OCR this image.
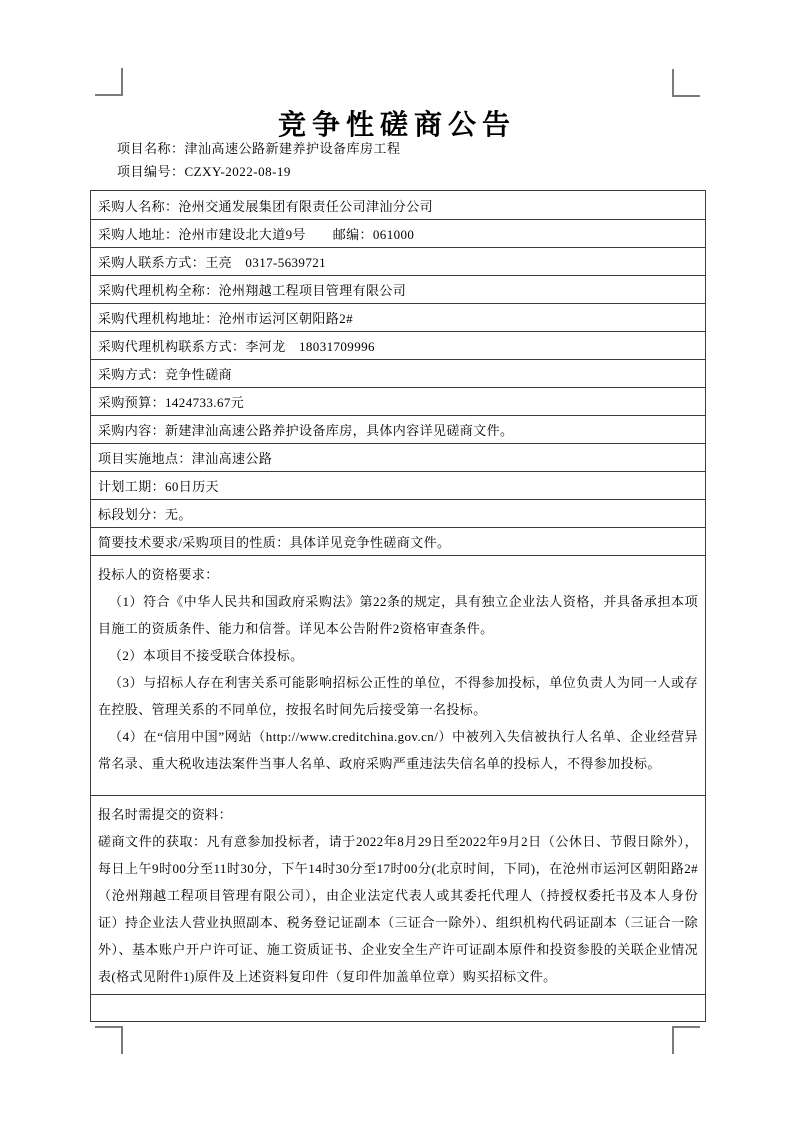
竞争性磋商公告
项目名称：津汕高速公路新建养护设备库房工程
项目编号：CZXY-2022-08-19
采购人名称：沧州交通发展集团有限责任公司津汕分公司
采购人地址：沧州市建设北大道9号　　邮编：061000
采购人联系方式：王亮　0317-5639721
采购代理机构全称：沧州翔越工程项目管理有限公司
采购代理机构地址：沧州市运河区朝阳路2#
采购代理机构联系方式：李河龙　18031709996
采购方式：竞争性磋商
采购预算：1424733.67元
采购内容：新建津汕高速公路养护设备库房，具体内容详见磋商文件。
项目实施地点：津汕高速公路
计划工期：60日历天
标段划分：无。
简要技术要求/采购项目的性质：具体详见竞争性磋商文件。
投标人的资格要求：
（1）符合《中华人民共和国政府采购法》第22条的规定，具有独立企业法人资格，并具备承担本项目施工的资质条件、能力和信誉。详见本公告附件2资格审查条件。
（2）本项目不接受联合体投标。
（3）与招标人存在利害关系可能影响招标公正性的单位，不得参加投标，单位负责人为同一人或存在控股、管理关系的不同单位，按报名时间先后接受第一名投标。
（4）在“信用中国”网站（http://www.creditchina.gov.cn/）中被列入失信被执行人名单、企业经营异常名录、重大税收违法案件当事人名单、政府采购严重违法失信名单的投标人，不得参加投标。
报名时需提交的资料：
磋商文件的获取：凡有意参加投标者，请于2022年8月29日至2022年9月2日（公休日、节假日除外），每日上午9时00分至11时30分，下午14时30分至17时00分(北京时间，下同)，在沧州市运河区朝阳路2#（沧州翔越工程项目管理有限公司），由企业法定代表人或其委托代理人（持授权委托书及本人身份证）持企业法人营业执照副本、税务登记证副本（三证合一除外）、组织机构代码证副本（三证合一除外）、基本账户开户许可证、施工资质证书、企业安全生产许可证副本原件和投资参股的关联企业情况表(格式见附件1)原件及上述资料复印件（复印件加盖单位章）购买招标文件。
